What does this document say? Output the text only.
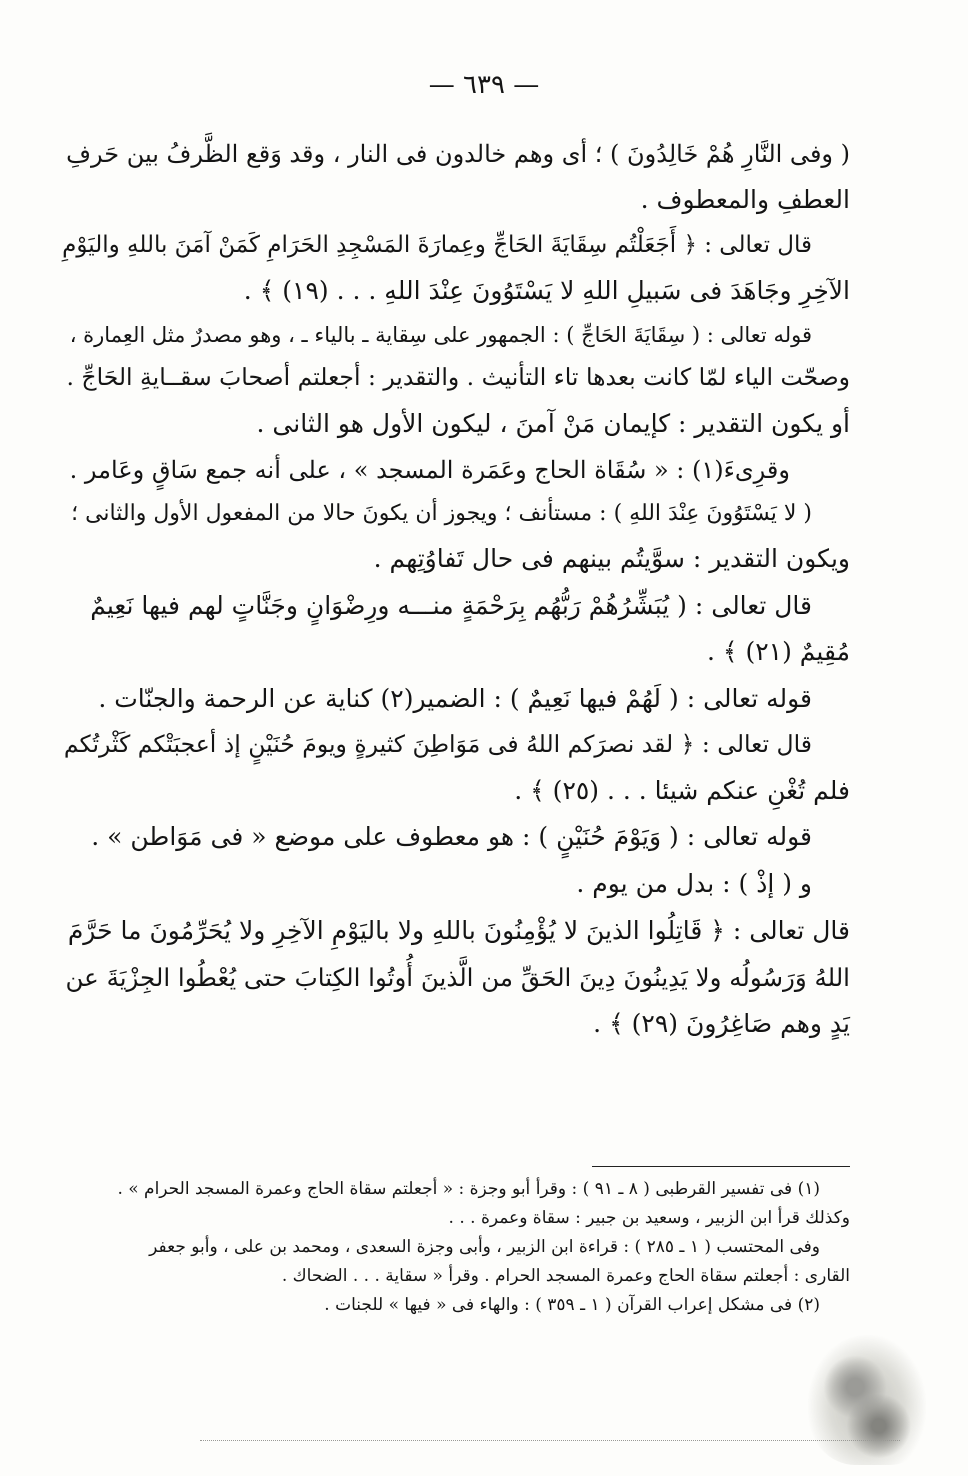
— ٦٣٩ —
( وفى النَّارِ هُمْ خَالِدُونَ ) ؛ أى وهم خالدون فى النار ، وقد وَقع الظَّرفُ بين حَرفِ
العطفِ والمعطوف .
قال تعالى : ﴿ أَجَعَلْتُم سِقَايَةَ الحَاجِّ وعِمارَةَ المَسْجِدِ الحَرَامِ كَمَنْ آمَنَ باللهِ واليَوْمِ
الآخِرِ وجَاهَدَ فى سَبيلِ اللهِ لا يَسْتَوُونَ عِنْدَ اللهِ . . . (١٩) ﴾ .
قوله تعالى : ( سِقَايَةَ الحَاجِّ ) : الجمهور على سِقاية ـ بالياء ـ ، وهو مصدرٌ مثل العِمارة ،
وصحّت الياء لمّا كانت بعدها تاء التأنيث . والتقدير : أجعلتم أصحابَ سقــايةِ الحَاجِّ .
أو يكون التقدير : كإيمان مَنْ آمنَ ، ليكون الأول هو الثانى .
وقرِىءَ(١) : « سُقَاة الحاج وعَمَرة المسجد » ، على أنه جمع سَاقٍ وعَامر .
( لا يَسْتَوُونَ عِنْدَ اللهِ ) : مستأنف ؛ ويجوز أن يكونَ حالا من المفعول الأول والثانى ؛
ويكون التقدير : سوَّيتُم بينهم فى حال تَفاوُتِهم .
قال تعالى : ( يُبَشِّرُهُمْ رَبُّهُم بِرَحْمَةٍ منـــه ورِضْوَانٍ وجَنَّاتٍ لهم فيها نَعِيمٌ
مُقِيمٌ (٢١) ﴾ .
قوله تعالى : ( لَهُمْ فيها نَعِيمٌ ) : الضمير(٢) كناية عن الرحمة والجنّات .
قال تعالى : ﴿ لقد نصرَكم اللهُ فى مَوَاطِنَ كثيرةٍ ويومَ حُنَيْنٍ إذ أعجبَتْكم كَثْرتُكم
فلم تُغْنِ عنكم شيئا . . . (٢٥) ﴾ .
قوله تعالى : ( وَيَوْمَ حُنَيْنٍ ) : هو معطوف على موضع « فى مَوَاطن » .
و ( إذْ ) : بدل من يوم .
قال تعالى : ﴿ قَاتِلُوا الذينَ لا يُؤْمِنُونَ باللهِ ولا باليَوْمِ الآخِرِ ولا يُحَرِّمُونَ ما حَرَّمَ
اللهُ وَرَسُولُه ولا يَدِينُونَ دِينَ الحَقِّ من الَّذينَ أُوتُوا الكِتابَ حتى يُعْطُوا الجِزْيَةَ عن
يَدٍ وهم صَاغِرُونَ (٢٩) ﴾ .
(١) فى تفسير القرطبى ( ٨ ـ ٩١ ) : وقرأ أبو وجزة : « أجعلتم سقاة الحاج وعمرة المسجد الحرام » .
وكذلك قرأ ابن الزبير ، وسعيد بن جبير : سقاة وعمرة . . .
وفى المحتسب ( ١ ـ ٢٨٥ ) : قراءة ابن الزبير ، وأبى وجزة السعدى ، ومحمد بن على ، وأبو جعفر
القارى : أجعلتم سقاة الحاج وعمرة المسجد الحرام . وقرأ « سقاية . . . الضحاك .
(٢) فى مشكل إعراب القرآن ( ١ ـ ٣٥٩ ) : والهاء فى « فيها » للجنات .
